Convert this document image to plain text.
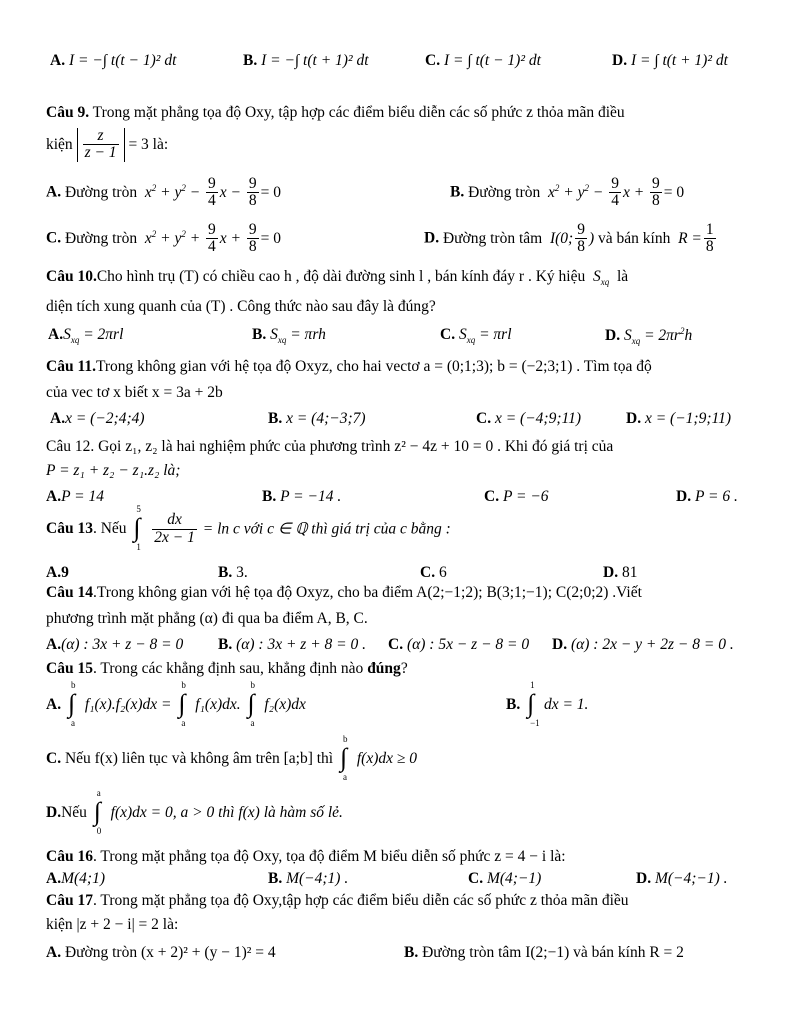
A. I = −∫ t(t − 1)² dt	B. I = −∫ t(t + 1)² dt	C. I = ∫ t(t − 1)² dt	D. I = ∫ t(t + 1)² dt
Câu 9. Trong mặt phẳng tọa độ Oxy, tập hợp các điểm biểu diễn các số phức z thỏa mãn điều
kiện $\frac{z}{z - 1} = 3$ là:
A. Đường tròn  $x^2 + y^2 - \frac{9}{4}$ $x - \frac{9}{8} = 0$	B. Đường tròn  $x^2 + y^2 - \frac{9}{4}$ $x + \frac{9}{8} = 0$
C. Đường tròn  $x^2 + y^2 + \frac{9}{4}$ $x + \frac{9}{8} = 0$	D. Đường tròn tâm  I(0; $\frac{9}{8}$ ) và bán kính  $R = \frac{1}{8}$
Câu 10.Cho hình trụ (T) có chiều cao h , độ dài đường sinh l , bán kính đáy r . Ký hiệu  $S_{xq}$ là
diện tích xung quanh của (T) . Công thức nào sau đây là đúng?
$A.S_{xq} = 2\pi rl$	B. $S_{xq} = \pi rh$	C. $S_{xq} = \pi rl$	D. $S_{xq} = 2\pi r^2h$
Câu 11.Trong không gian với hệ tọa độ Oxyz, cho hai vectơ a = (0;1;3); b = (−2;3;1) . Tìm tọa độ
của vec tơ x biết x = 3a + 2b
A.x = (−2;4;4)	B. x = (4;−3;7)	C. x = (−4;9;11)	D. x = (−1;9;11)
Câu 12. Gọi z₁, z₂ là hai nghiệm phức của phương trình z² − 4z + 10 = 0 . Khi đó giá trị của
P = z₁ + z₂ − z₁.z₂ là;
A.P = 14	B. P = −14 .	C. P = −6	D. P = 6 .
Câu 13. Nếu
5
∫
1

$\frac{dx}{2x - 1} = \ln c$ với c ∈ ℚ thì giá trị của c bằng :
A.9	B. 3.	C. 6	D. 81
Câu 14.Trong không gian với hệ tọa độ Oxyz, cho ba điểm A(2;−1;2); B(3;1;−1); C(2;0;2) .Viết
phương trình mặt phẳng (α) đi qua ba điểm A, B, C.
A.(α) : 3x + z − 8 = 0 B. (α) : 3x + z + 8 = 0 . C. (α) : 5x − z − 8 = 0 D. (α) : 2x − y + 2z − 8 = 0 .
Câu 15. Trong các khẳng định sau, khẳng định nào đúng?
A.
b
∫
a
f₁(x).f₂(x)dx =
b
∫
a
f₁(x)dx.
b
∫
a
f₂(x)dx	B.
1
∫
−1
dx = 1.
C. Nếu f(x) liên tục và không âm trên [a;b] thì
b
∫
a
f(x)dx ≥ 0
D.Nếu
a
∫
0
f(x)dx = 0, a > 0 thì f(x) là hàm số lẻ.
Câu 16. Trong mặt phẳng tọa độ Oxy, tọa độ điểm M biểu diễn số phức z = 4 − i là:
A.M(4;1)	B. M(−4;1) .	C. M(4;−1)	D. M(−4;−1) .
Câu 17. Trong mặt phẳng tọa độ Oxy,tập hợp các điểm biểu diễn các số phức z thỏa mãn điều
kiện |z + 2 − i| = 2 là:
A. Đường tròn (x + 2)² + (y − 1)² = 4	B. Đường tròn tâm I(2;−1) và bán kính R = 2
